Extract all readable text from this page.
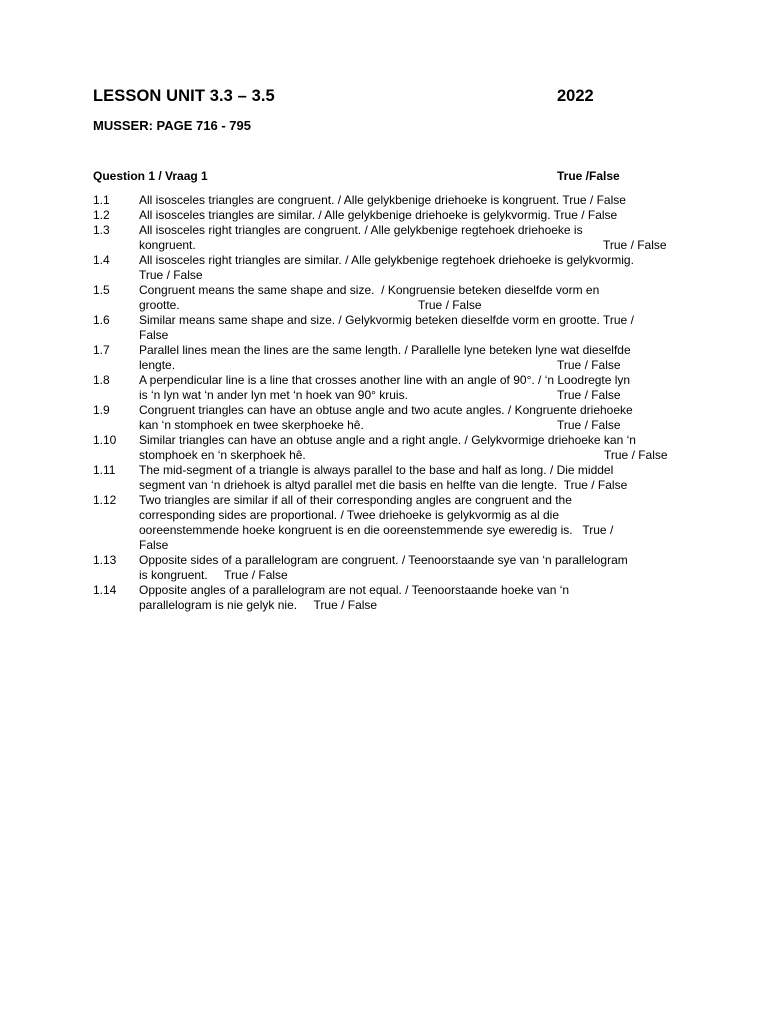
LESSON UNIT 3.3 – 3.5	2022
MUSSER: PAGE 716 - 795
Question 1 / Vraag 1	True /False
1.1 All isosceles triangles are congruent. / Alle gelykbenige driehoeke is kongruent. True / False
1.2 All isosceles triangles are similar. / Alle gelykbenige driehoeke is gelykvormig. True / False
1.3 All isosceles right triangles are congruent. / Alle gelykbenige regtehoek driehoeke is
kongruent.	True / False
1.4 All isosceles right triangles are similar. / Alle gelykbenige regtehoek driehoeke is gelykvormig.
True / False
1.5 Congruent means the same shape and size.  / Kongruensie beteken dieselfde vorm en
grootte.	True / False
1.6 Similar means same shape and size. / Gelykvormig beteken dieselfde vorm en grootte. True /
False
1.7 Parallel lines mean the lines are the same length. / Parallelle lyne beteken lyne wat dieselfde
lengte.	True / False
1.8 A perpendicular line is a line that crosses another line with an angle of 90°. / ‘n Loodregte lyn
is ‘n lyn wat ‘n ander lyn met ‘n hoek van 90° kruis.	True / False
1.9 Congruent triangles can have an obtuse angle and two acute angles. / Kongruente driehoeke
kan ‘n stomphoek en twee skerphoeke hê.	True / False
1.10 Similar triangles can have an obtuse angle and a right angle. / Gelykvormige driehoeke kan ‘n
stomphoek en ‘n skerphoek hê.	True / False
1.11 The mid-segment of a triangle is always parallel to the base and half as long. / Die middel
segment van ‘n driehoek is altyd parallel met die basis en helfte van die lengte.  True / False
1.12 Two triangles are similar if all of their corresponding angles are congruent and the
corresponding sides are proportional. / Twee driehoeke is gelykvormig as al die
ooreenstemmende hoeke kongruent is en die ooreenstemmende sye eweredig is.   True /
False
1.13 Opposite sides of a parallelogram are congruent. / Teenoorstaande sye van ‘n parallelogram
is kongruent.     True / False
1.14 Opposite angles of a parallelogram are not equal. / Teenoorstaande hoeke van ‘n
parallelogram is nie gelyk nie.     True / False
